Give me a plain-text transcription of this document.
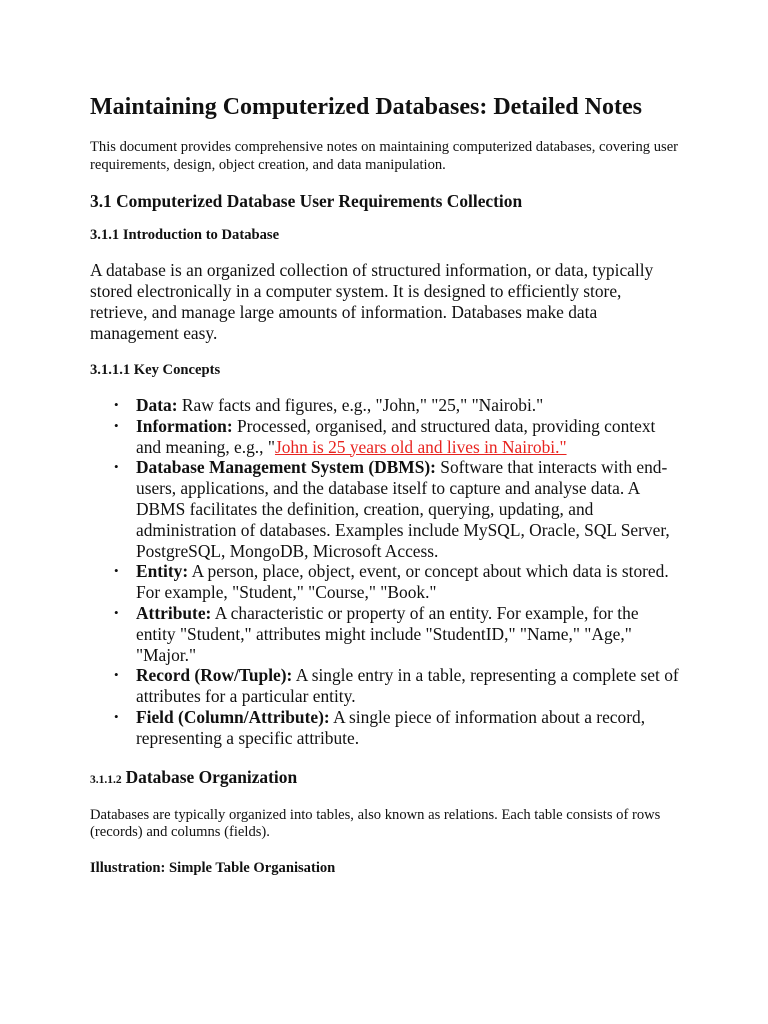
Maintaining Computerized Databases: Detailed Notes

This document provides comprehensive notes on maintaining computerized databases, covering user requirements, design, object creation, and data manipulation.

3.1 Computerized Database User Requirements Collection
3.1.1 Introduction to Database

A database is an organized collection of structured information, or data, typically stored electronically in a computer system. It is designed to efficiently store, retrieve, and manage large amounts of information. Databases make data management easy.

3.1.1.1 Key Concepts
• Data: Raw facts and figures, e.g., "John," "25," "Nairobi."
• Information: Processed, organised, and structured data, providing context and meaning, e.g., "John is 25 years old and lives in Nairobi."
• Database Management System (DBMS): Software that interacts with end-users, applications, and the database itself to capture and analyse data. A DBMS facilitates the definition, creation, querying, updating, and administration of databases. Examples include MySQL, Oracle, SQL Server, PostgreSQL, MongoDB, Microsoft Access.
• Entity: A person, place, object, event, or concept about which data is stored. For example, "Student," "Course," "Book."
• Attribute: A characteristic or property of an entity. For example, for the entity "Student," attributes might include "StudentID," "Name," "Age," "Major."
• Record (Row/Tuple): A single entry in a table, representing a complete set of attributes for a particular entity.
• Field (Column/Attribute): A single piece of information about a record, representing a specific attribute.
3.1.1.2 Database Organization

Databases are typically organized into tables, also known as relations. Each table consists of rows (records) and columns (fields).

Illustration: Simple Table Organisation
